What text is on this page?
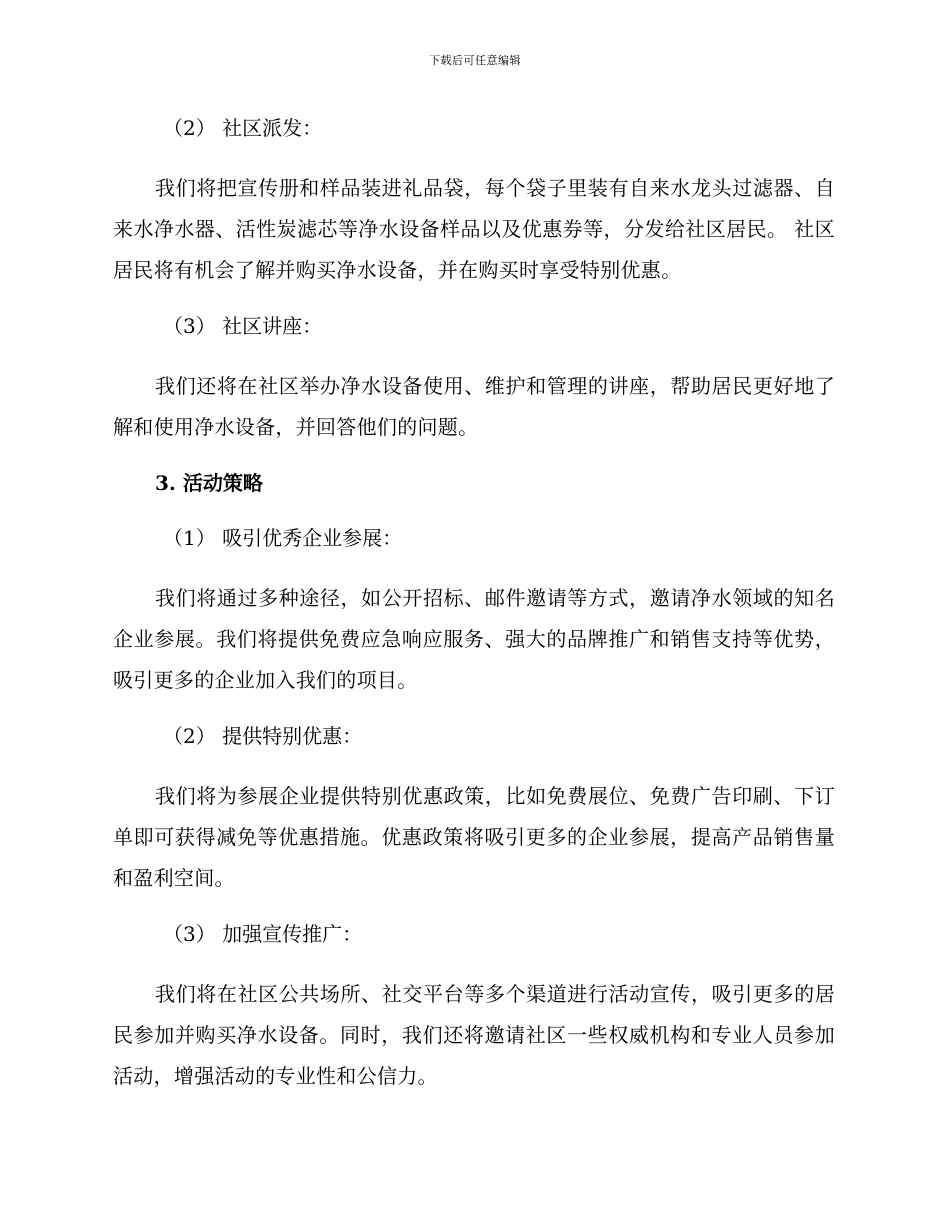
下载后可任意编辑

（2） 社区派发：

我们将把宣传册和样品装进礼品袋，每个袋子里装有自来水龙头过滤器、自来水净水器、活性炭滤芯等净水设备样品以及优惠券等，分发给社区居民。 社区居民将有机会了解并购买净水设备，并在购买时享受特别优惠。

（3） 社区讲座：

我们还将在社区举办净水设备使用、维护和管理的讲座，帮助居民更好地了解和使用净水设备，并回答他们的问题。

3. 活动策略

（1） 吸引优秀企业参展：

我们将通过多种途径，如公开招标、邮件邀请等方式，邀请净水领域的知名企业参展。我们将提供免费应急响应服务、强大的品牌推广和销售支持等优势，吸引更多的企业加入我们的项目。

（2） 提供特别优惠：

我们将为参展企业提供特别优惠政策，比如免费展位、免费广告印刷、下订单即可获得减免等优惠措施。优惠政策将吸引更多的企业参展，提高产品销售量和盈利空间。

（3） 加强宣传推广：

我们将在社区公共场所、社交平台等多个渠道进行活动宣传，吸引更多的居民参加并购买净水设备。同时，我们还将邀请社区一些权威机构和专业人员参加活动，增强活动的专业性和公信力。
